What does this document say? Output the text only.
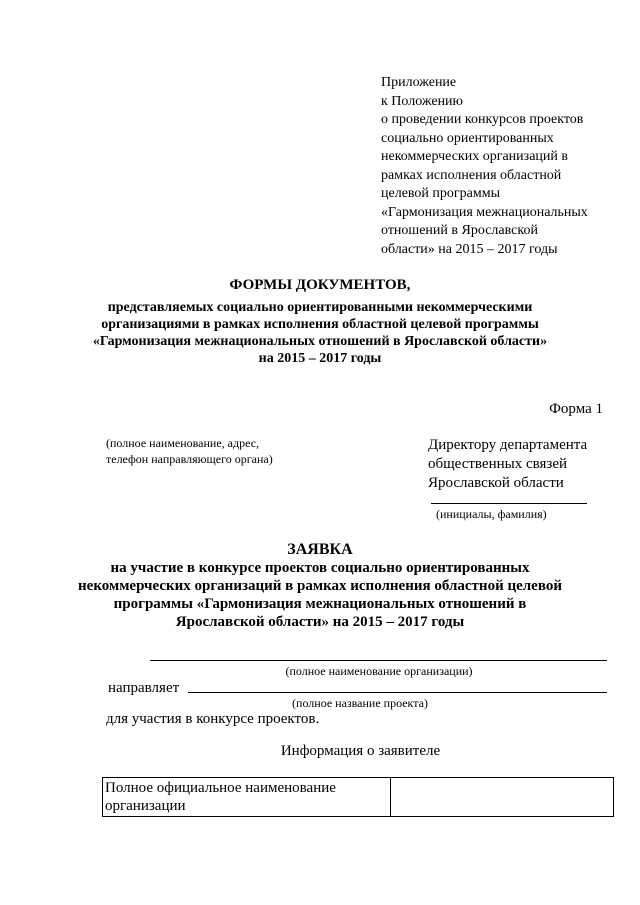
Приложение
к Положению
о проведении конкурсов проектов
социально ориентированных
некоммерческих организаций в
рамках исполнения областной
целевой программы
«Гармонизация межнациональных
отношений в Ярославской
области» на 2015 – 2017 годы
ФОРМЫ ДОКУМЕНТОВ,
представляемых социально ориентированными некоммерческими
организациями в рамках исполнения областной целевой программы
«Гармонизация межнациональных отношений в Ярославской области»
на 2015 – 2017 годы
Форма 1
(полное наименование, адрес,
телефон направляющего органа)
Директору департамента
общественных связей
Ярославской области
(инициалы, фамилия)
ЗАЯВКА
на участие в конкурсе проектов социально ориентированных
некоммерческих организаций в рамках исполнения областной целевой
программы «Гармонизация межнациональных отношений в
Ярославской области» на 2015 – 2017 годы
(полное наименование организации)
направляет
(полное название проекта)
для участия в конкурсе проектов.
Информация о заявителе
Полное официальное наименование организации	
